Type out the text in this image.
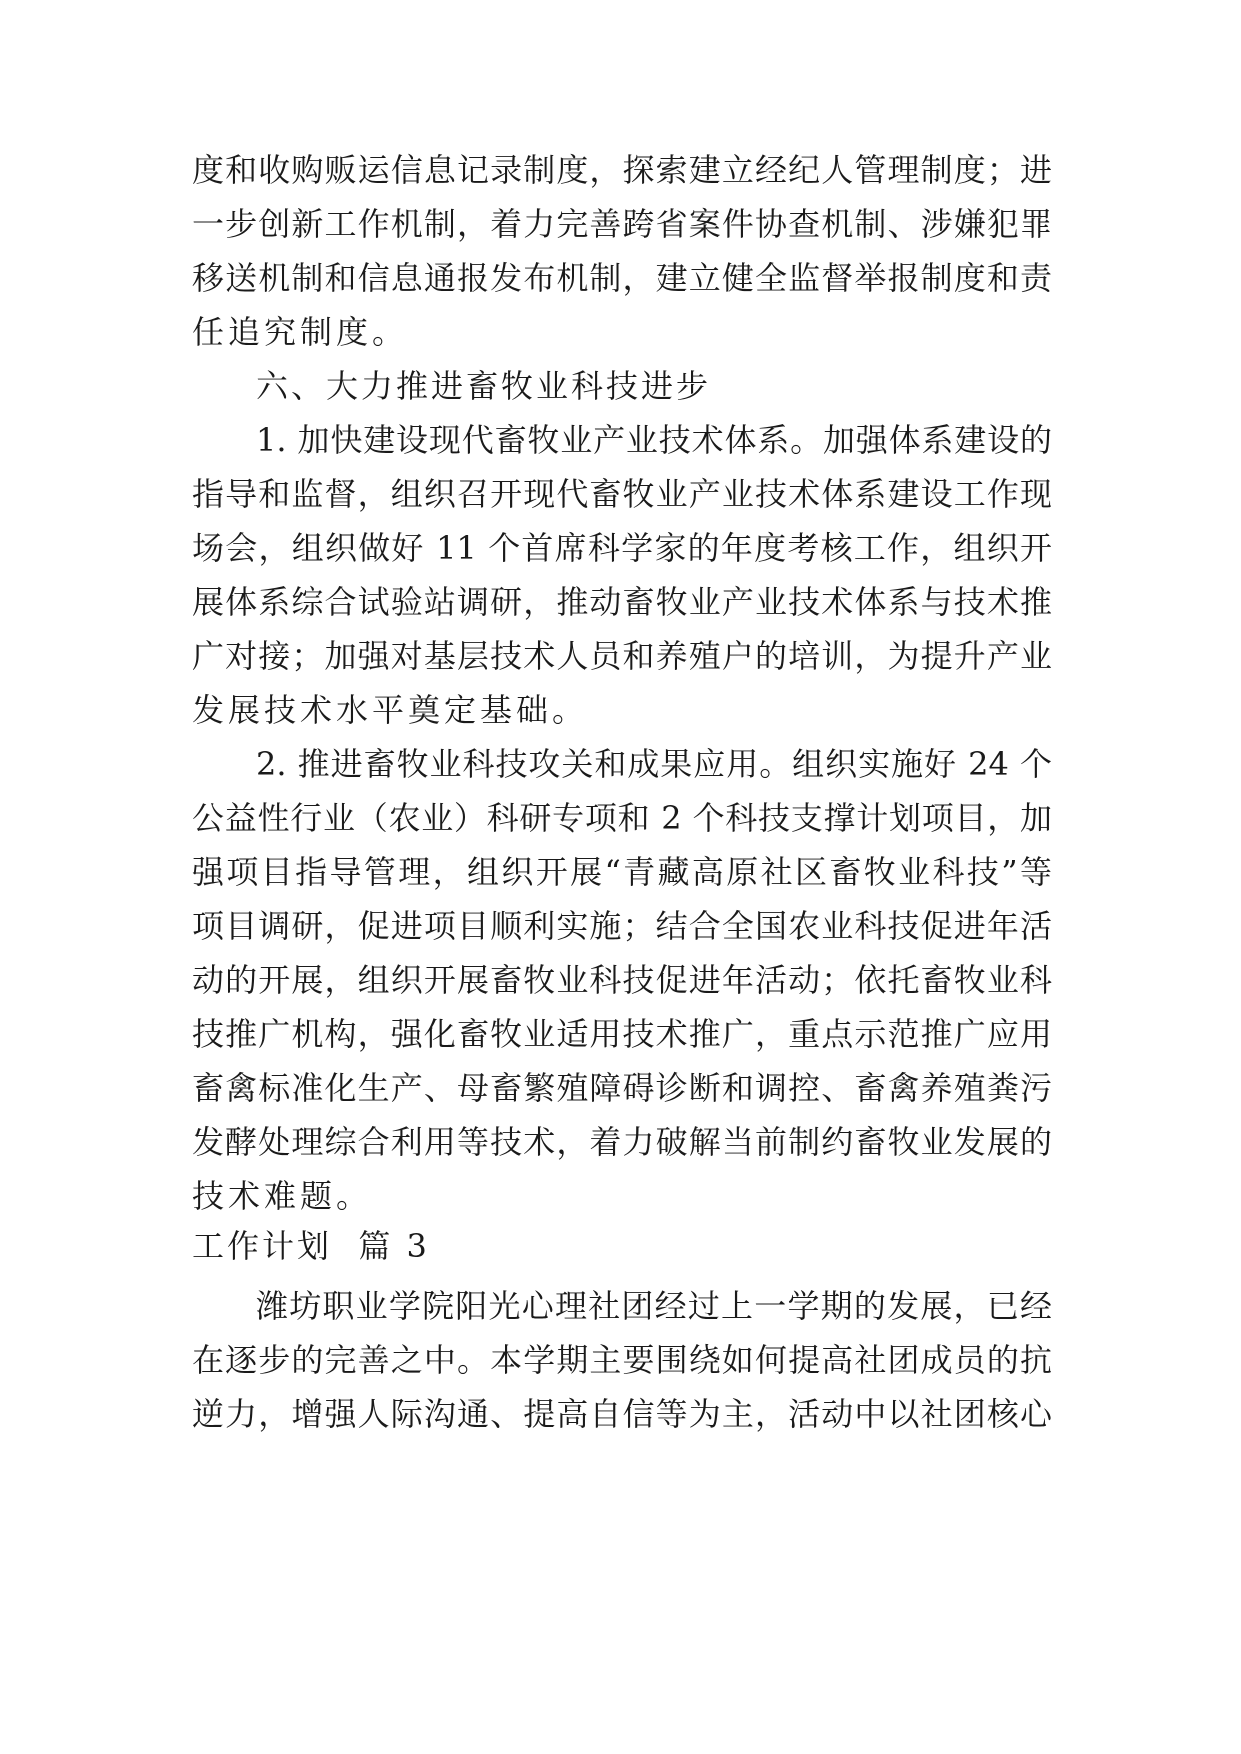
度和收购贩运信息记录制度，探索建立经纪人管理制度；进
一步创新工作机制，着力完善跨省案件协查机制、涉嫌犯罪
移送机制和信息通报发布机制，建立健全监督举报制度和责
任追究制度。
六、大力推进畜牧业科技进步
1. 加快建设现代畜牧业产业技术体系。加强体系建设的
指导和监督，组织召开现代畜牧业产业技术体系建设工作现
场会，组织做好 11 个首席科学家的年度考核工作，组织开
展体系综合试验站调研，推动畜牧业产业技术体系与技术推
广对接；加强对基层技术人员和养殖户的培训，为提升产业
发展技术水平奠定基础。
2. 推进畜牧业科技攻关和成果应用。组织实施好 24 个
公益性行业（农业）科研专项和 2 个科技支撑计划项目，加
强项目指导管理，组织开展“青藏高原社区畜牧业科技”等
项目调研，促进项目顺利实施；结合全国农业科技促进年活
动的开展，组织开展畜牧业科技促进年活动；依托畜牧业科
技推广机构，强化畜牧业适用技术推广，重点示范推广应用
畜禽标准化生产、母畜繁殖障碍诊断和调控、畜禽养殖粪污
发酵处理综合利用等技术，着力破解当前制约畜牧业发展的
技术难题。
工作计划  篇 3
潍坊职业学院阳光心理社团经过上一学期的发展，已经
在逐步的完善之中。本学期主要围绕如何提高社团成员的抗
逆力，增强人际沟通、提高自信等为主，活动中以社团核心
